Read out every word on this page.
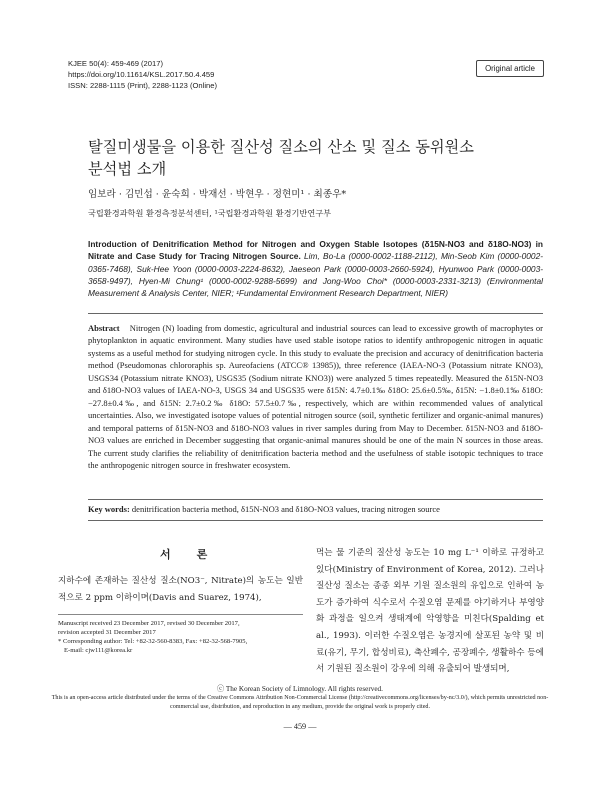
KJEE 50(4): 459-469 (2017)
https://doi.org/10.11614/KSL.2017.50.4.459
ISSN: 2288-1115 (Print), 2288-1123 (Online)
Original article
탈질미생물을 이용한 질산성 질소의 산소 및 질소 동위원소
분석법 소개
임보라 · 김민섭 · 윤숙희 · 박재선 · 박현우 · 정현미¹ · 최종우*
국립환경과학원 환경측정분석센터, ¹국립환경과학원 환경기반연구부
Introduction of Denitrification Method for Nitrogen and Oxygen Stable Isotopes (δ15N-NO3 and δ18O-NO3) in Nitrate and Case Study for Tracing Nitrogen Source. Lim, Bo-La (0000-0002-1188-2112), Min-Seob Kim (0000-0002-0365-7468), Suk-Hee Yoon (0000-0003-2224-8632), Jaeseon Park (0000-0003-2660-5924), Hyunwoo Park (0000-0003-3658-9497), Hyen-Mi Chung¹ (0000-0002-9288-5699) and Jong-Woo Choi* (0000-0003-2331-3213) (Environmental Measurement & Analysis Center, NIER; ¹Fundamental Environment Research Department, NIER)
Abstract Nitrogen (N) loading from domestic, agricultural and industrial sources can lead to excessive growth of macrophytes or phytoplankton in aquatic environment. Many studies have used stable isotope ratios to identify anthropogenic nitrogen in aquatic systems as a useful method for studying nitrogen cycle. In this study to evaluate the precision and accuracy of denitrification bacteria method (Pseudomonas chlororaphis sp. Aureofaciens (ATCC® 13985)), three reference (IAEA-NO-3 (Potassium nitrate KNO3), USGS34 (Potassium nitrate KNO3), USGS35 (Sodium nitrate KNO3)) were analyzed 5 times repeatedly. Measured the δ15N-NO3 and δ18O-NO3 values of IAEA-NO-3, USGS 34 and USGS35 were δ15N: 4.7±0.1‰ δ18O: 25.6±0.5‰, δ15N: −1.8±0.1‰ δ18O: −27.8±0.4‰, and δ15N: 2.7±0.2‰ δ18O: 57.5±0.7‰, respectively, which are within recommended values of analytical uncertainties. Also, we investigated isotope values of potential nitrogen source (soil, synthetic fertilizer and organic-animal manures) and temporal patterns of δ15N-NO3 and δ18O-NO3 values in river samples during from May to December. δ15N-NO3 and δ18O-NO3 values are enriched in December suggesting that organic-animal manures should be one of the main N sources in those areas. The current study clarifies the reliability of denitrification bacteria method and the usefulness of stable isotopic techniques to trace the anthropogenic nitrogen source in freshwater ecosystem.
Key words: denitrification bacteria method, δ15N-NO3 and δ18O-NO3 values, tracing nitrogen source
서론
지하수에 존재하는 질산성 질소(NO3⁻, Nitrate)의 농도는 일반적으로 2 ppm 이하이며(Davis and Suarez, 1974),
먹는 물 기준의 질산성 농도는 10 mg L⁻¹ 이하로 규정하고 있다(Ministry of Environment of Korea, 2012). 그러나 질산성 질소는 종종 외부 기원 질소원의 유입으로 인하여 농도가 증가하여 식수로서 수질오염 문제를 야기하거나 부영양화 과정을 일으켜 생태계에 악영향을 미친다(Spalding et al., 1993). 이러한 수질오염은 농경지에 살포된 농약 및 비료(유기, 무기, 합성비료), 축산폐수, 공장폐수, 생활하수 등에서 기원된 질소원이 강우에 의해 유출되어 발생되며,
Manuscript received 23 December 2017, revised 30 December 2017,
revision accepted 31 December 2017
* Corresponding author: Tel: +82-32-560-8383, Fax: +82-32-568-7905,
E-mail: cjw111@korea.kr
ⓒ The Korean Society of Limnology. All rights reserved.
This is an open-access article distributed under the terms of the Creative Commons Attribution Non-Commercial License (http://creativecommons.org/licenses/by-nc/3.0/), which permits unrestricted non-commercial use, distribution, and reproduction in any medium, provide the original work is properly cited.
― 459 ―
